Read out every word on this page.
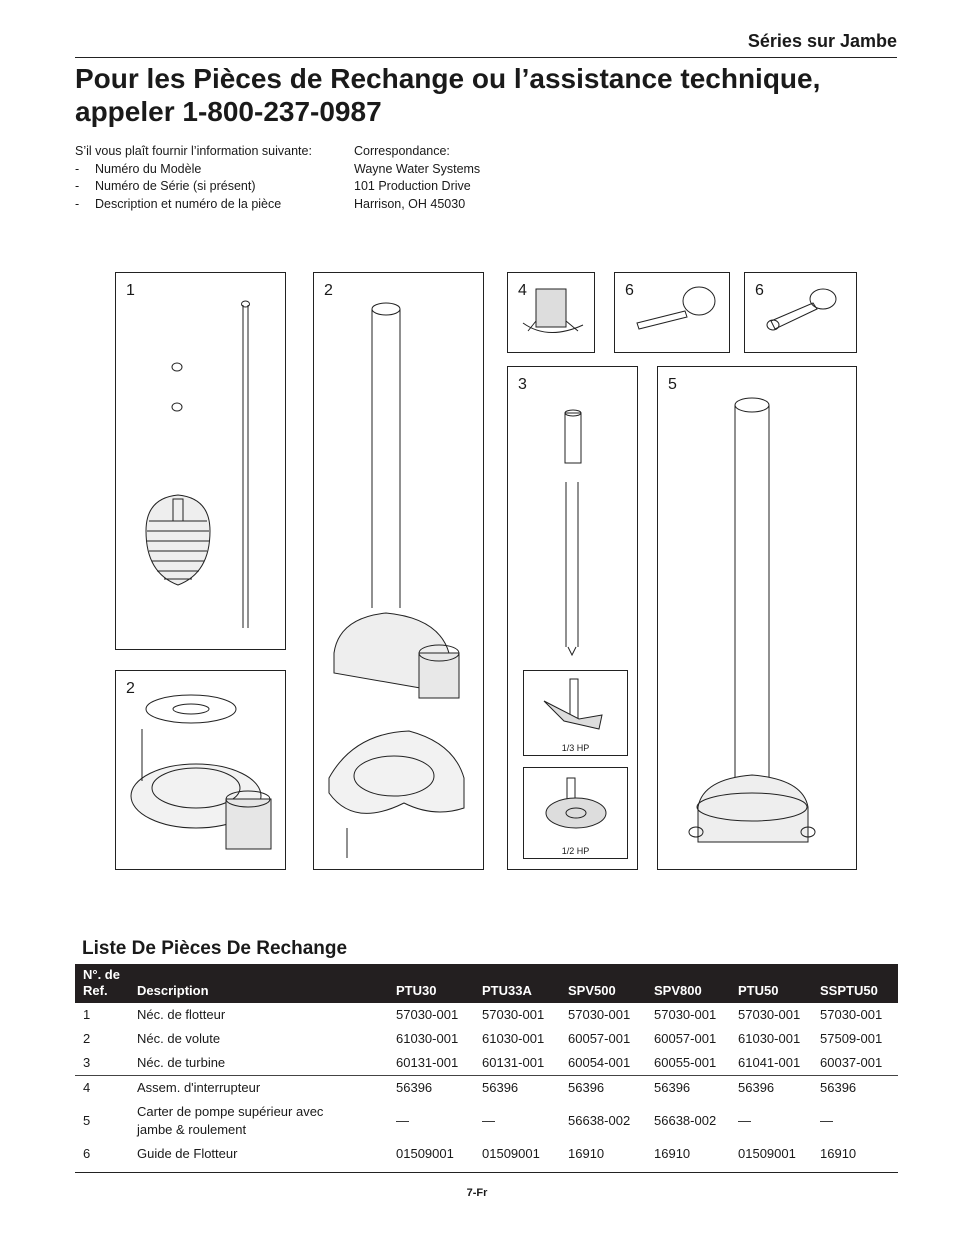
Séries sur Jambe
Pour les Pièces de Rechange ou l’assistance technique,
appeler 1-800-237-0987
S’il vous plaît fournir l’information suivante:
- Numéro du Modèle
- Numéro de Série (si présent)
- Description et numéro de la pièce
Correspondance:
Wayne Water Systems
101 Production Drive
Harrison, OH 45030
1
2
2	4	6	6
3
1/3 HP
1/2 HP
5
Liste De Pièces De Rechange
N°. de Ref.	Description	PTU30	PTU33A	SPV500	SPV800	PTU50	SSPTU50
1	Néc. de flotteur	57030-001	57030-001	57030-001	57030-001	57030-001	57030-001
2	Néc. de volute	61030-001	61030-001	60057-001	60057-001	61030-001	57509-001
3	Néc. de turbine	60131-001	60131-001	60054-001	60055-001	61041-001	60037-001
4	Assem. d'interrupteur	56396	56396	56396	56396	56396	56396
5	Carter de pompe supérieur avec jambe & roulement	—	—	56638-002	56638-002	—	—
6	Guide de Flotteur	01509001	01509001	16910	16910	01509001	16910
7-Fr
